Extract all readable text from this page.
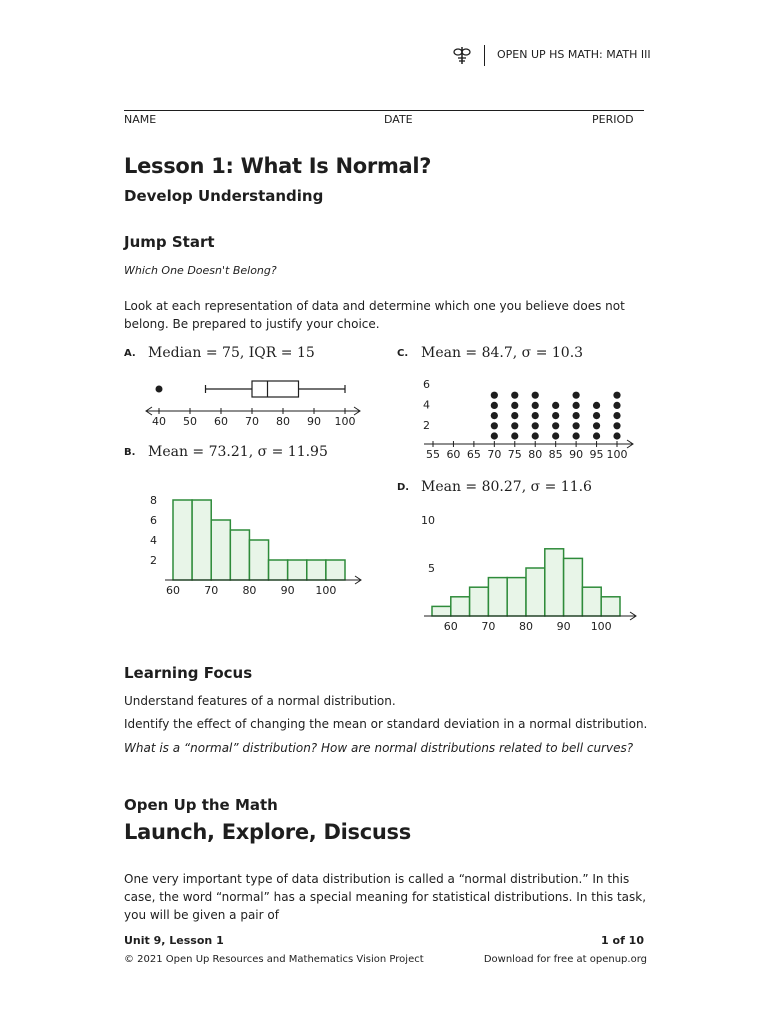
OPEN UP HS MATH: MATH III
NAME	DATE	PERIOD
Lesson 1: What Is Normal?
Develop Understanding
Jump Start
Which One Doesn't Belong?
Look at each representation of data and determine which one you believe does not belong. Be prepared to justify your choice.
A. Median = 75, IQR = 15
40 50 60 70 80 90 100
B. Mean = 73.21, σ = 11.95
2
4
6
8
60 70 80 90 100
C. Mean = 84.7, σ = 10.3
2
4
6
55 60 65 70 75 80 85 90 95 100
D. Mean = 80.27, σ = 11.6
5
10
60 70 80 90 100
Learning Focus
Understand features of a normal distribution.
Identify the effect of changing the mean or standard deviation in a normal distribution.
What is a “normal” distribution? How are normal distributions related to bell curves?
Open Up the Math
Launch, Explore, Discuss
One very important type of data distribution is called a “normal distribution.” In this case, the word “normal” has a special meaning for statistical distributions. In this task, you will be given a pair of
Unit 9, Lesson 1	1 of 10
© 2021 Open Up Resources and Mathematics Vision Project	Download for free at openup.org
